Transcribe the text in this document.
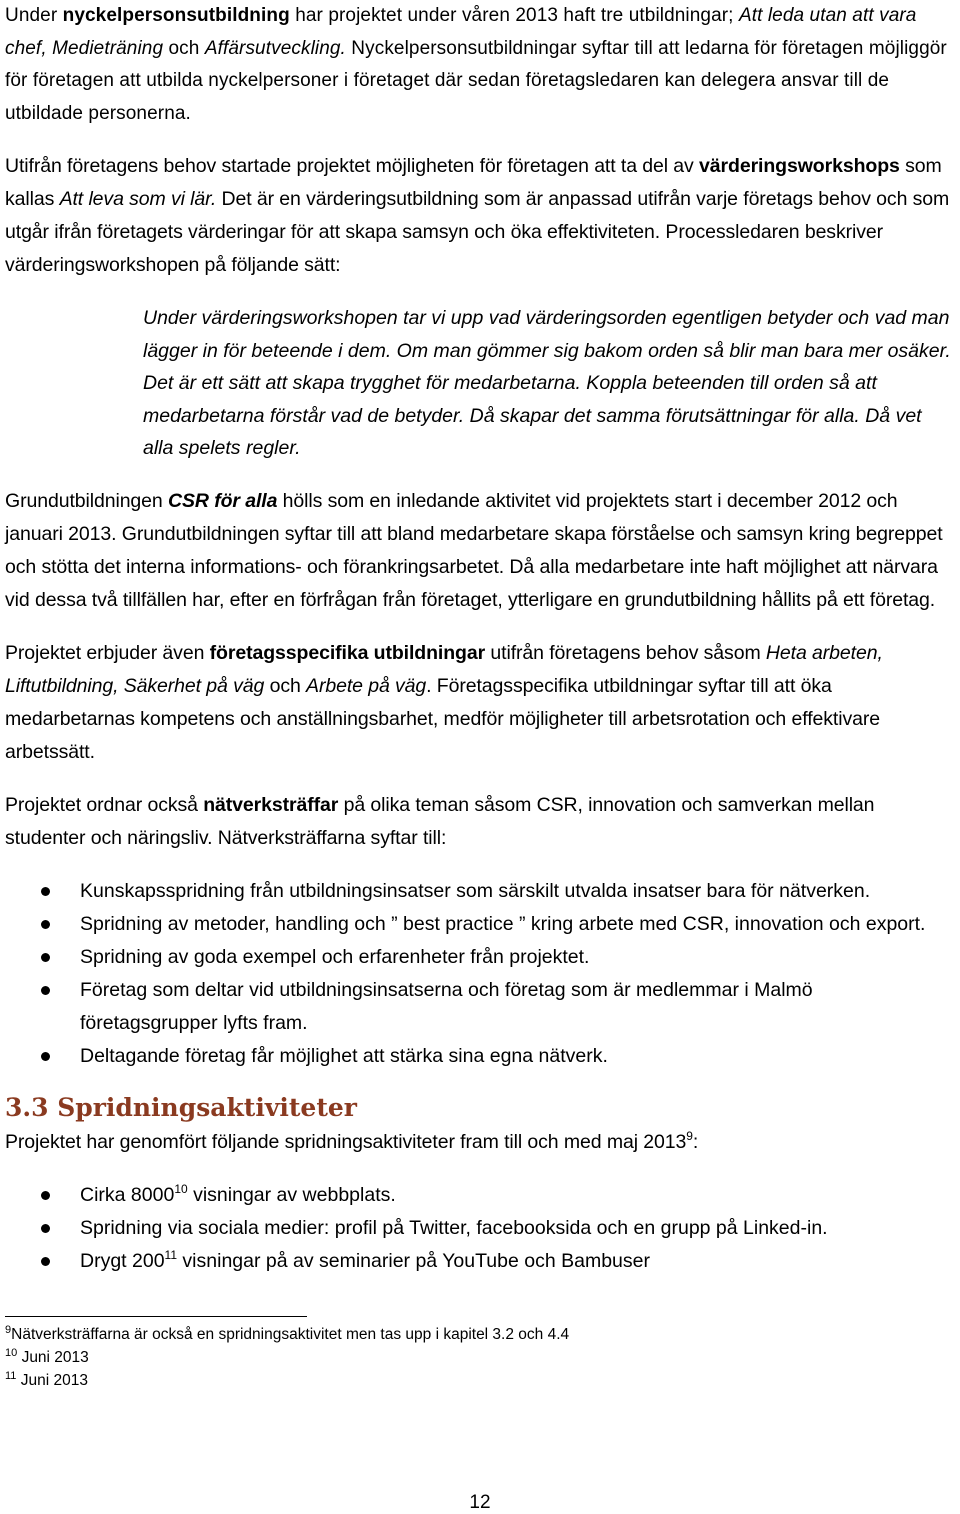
Under nyckelpersonsutbildning har projektet under våren 2013 haft tre utbildningar; Att leda utan att vara chef, Medieträning och Affärsutveckling. Nyckelpersonsutbildningar syftar till att ledarna för företagen möjliggör för företagen att utbilda nyckelpersoner i företaget där sedan företagsledaren kan delegera ansvar till de utbildade personerna.

Utifrån företagens behov startade projektet möjligheten för företagen att ta del av värderingsworkshops som kallas Att leva som vi lär. Det är en värderingsutbildning som är anpassad utifrån varje företags behov och som utgår ifrån företagets värderingar för att skapa samsyn och öka effektiviteten. Processledaren beskriver värderingsworkshopen på följande sätt:

Under värderingsworkshopen tar vi upp vad värderingsorden egentligen betyder och vad man lägger in för beteende i dem. Om man gömmer sig bakom orden så blir man bara mer osäker. Det är ett sätt att skapa trygghet för medarbetarna. Koppla beteenden till orden så att medarbetarna förstår vad de betyder. Då skapar det samma förutsättningar för alla. Då vet alla spelets regler.

Grundutbildningen CSR för alla hölls som en inledande aktivitet vid projektets start i december 2012 och januari 2013. Grundutbildningen syftar till att bland medarbetare skapa förståelse och samsyn kring begreppet och stötta det interna informations- och förankringsarbetet. Då alla medarbetare inte haft möjlighet att närvara vid dessa två tillfällen har, efter en förfrågan från företaget, ytterligare en grundutbildning hållits på ett företag.

Projektet erbjuder även företagsspecifika utbildningar utifrån företagens behov såsom Heta arbeten, Liftutbildning, Säkerhet på väg och Arbete på väg. Företagsspecifika utbildningar syftar till att öka medarbetarnas kompetens och anställningsbarhet, medför möjligheter till arbetsrotation och effektivare arbetssätt.

Projektet ordnar också nätverksträffar på olika teman såsom CSR, innovation och samverkan mellan studenter och näringsliv. Nätverksträffarna syftar till:

Kunskapsspridning från utbildningsinsatser som särskilt utvalda insatser bara för nätverken.
Spridning av metoder, handling och ” best practice ” kring arbete med CSR, innovation och export.
Spridning av goda exempel och erfarenheter från projektet.
Företag som deltar vid utbildningsinsatserna och företag som är medlemmar i Malmö företagsgrupper lyfts fram.
Deltagande företag får möjlighet att stärka sina egna nätverk.
3.3 Spridningsaktiviteter

Projektet har genomfört följande spridningsaktiviteter fram till och med maj 2013$^9$:

Cirka 8000$^{10}$ visningar av webbplats.
Spridning via sociala medier: profil på Twitter, facebooksida och en grupp på Linked-in.
Drygt $200^{11}$ visningar på av seminarier på YouTube och Bambuser

$^9$Nätverksträffarna är också en spridningsaktivitet men tas upp i kapitel 3.2 och 4.4

$^{10}$ Juni 2013

$^{11}$ Juni 2013

12
